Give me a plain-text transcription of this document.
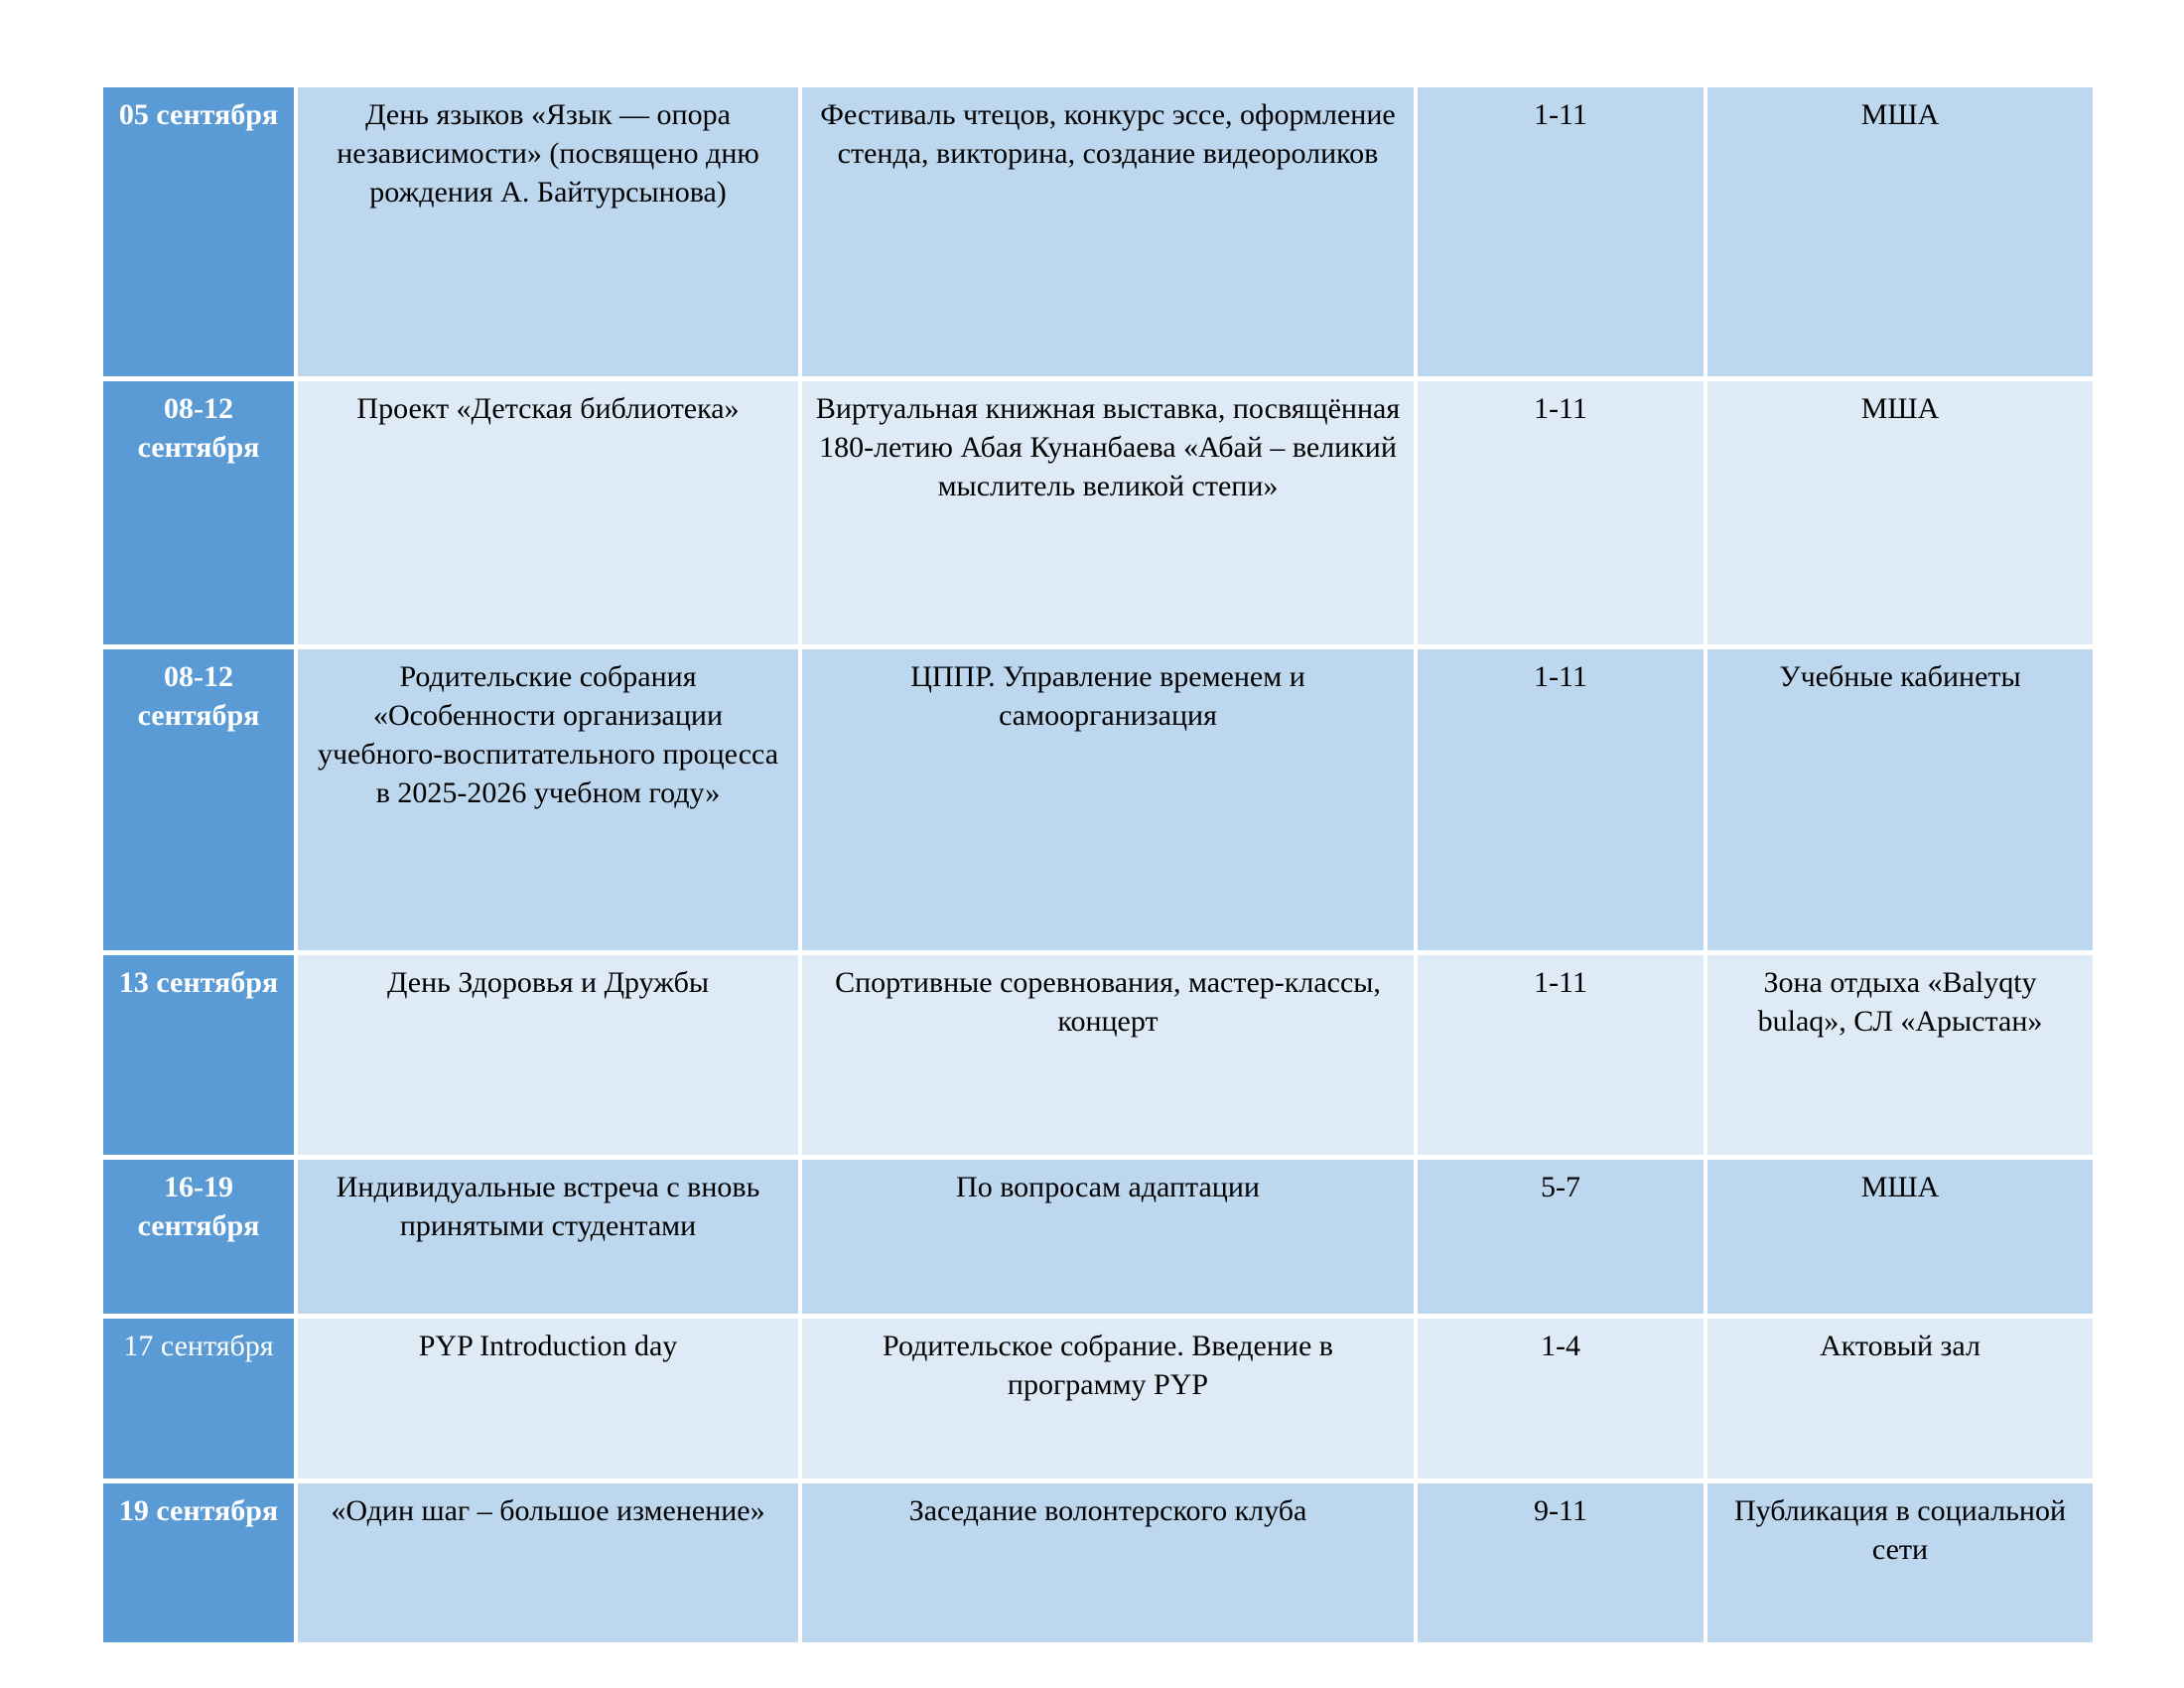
05 сентября	День языков «Язык — опора независимости» (посвящено дню рождения А. Байтурсынова)	Фестиваль чтецов, конкурс эссе, оформление стенда, викторина, создание видеороликов	1-11	МША

08-12 сентября	Проект «Детская библиотека»	Виртуальная книжная выставка, посвящённая 180-летию Абая Кунанбаева «Абай – великий мыслитель великой степи»	1-11	МША

08-12 сентября	Родительские собрания «Особенности организации учебного-воспитательного процесса в 2025-2026 учебном году»	ЦППР. Управление временем и самоорганизация	1-11	Учебные кабинеты

13 сентября	День Здоровья и Дружбы	Спортивные соревнования, мастер-классы, концерт	1-11	Зона отдыха «Balyqty bulaq», СЛ «Арыстан»

16-19 сентября	Индивидуальные встреча с вновь принятыми студентами	По вопросам адаптации	5-7	МША

17 сентября	PYP Introduction day	Родительское собрание. Введение в программу PYP	1-4	Актовый зал

19 сентября	«Один шаг – большое изменение»	Заседание волонтерского клуба	9-11	Публикация в социальной сети
